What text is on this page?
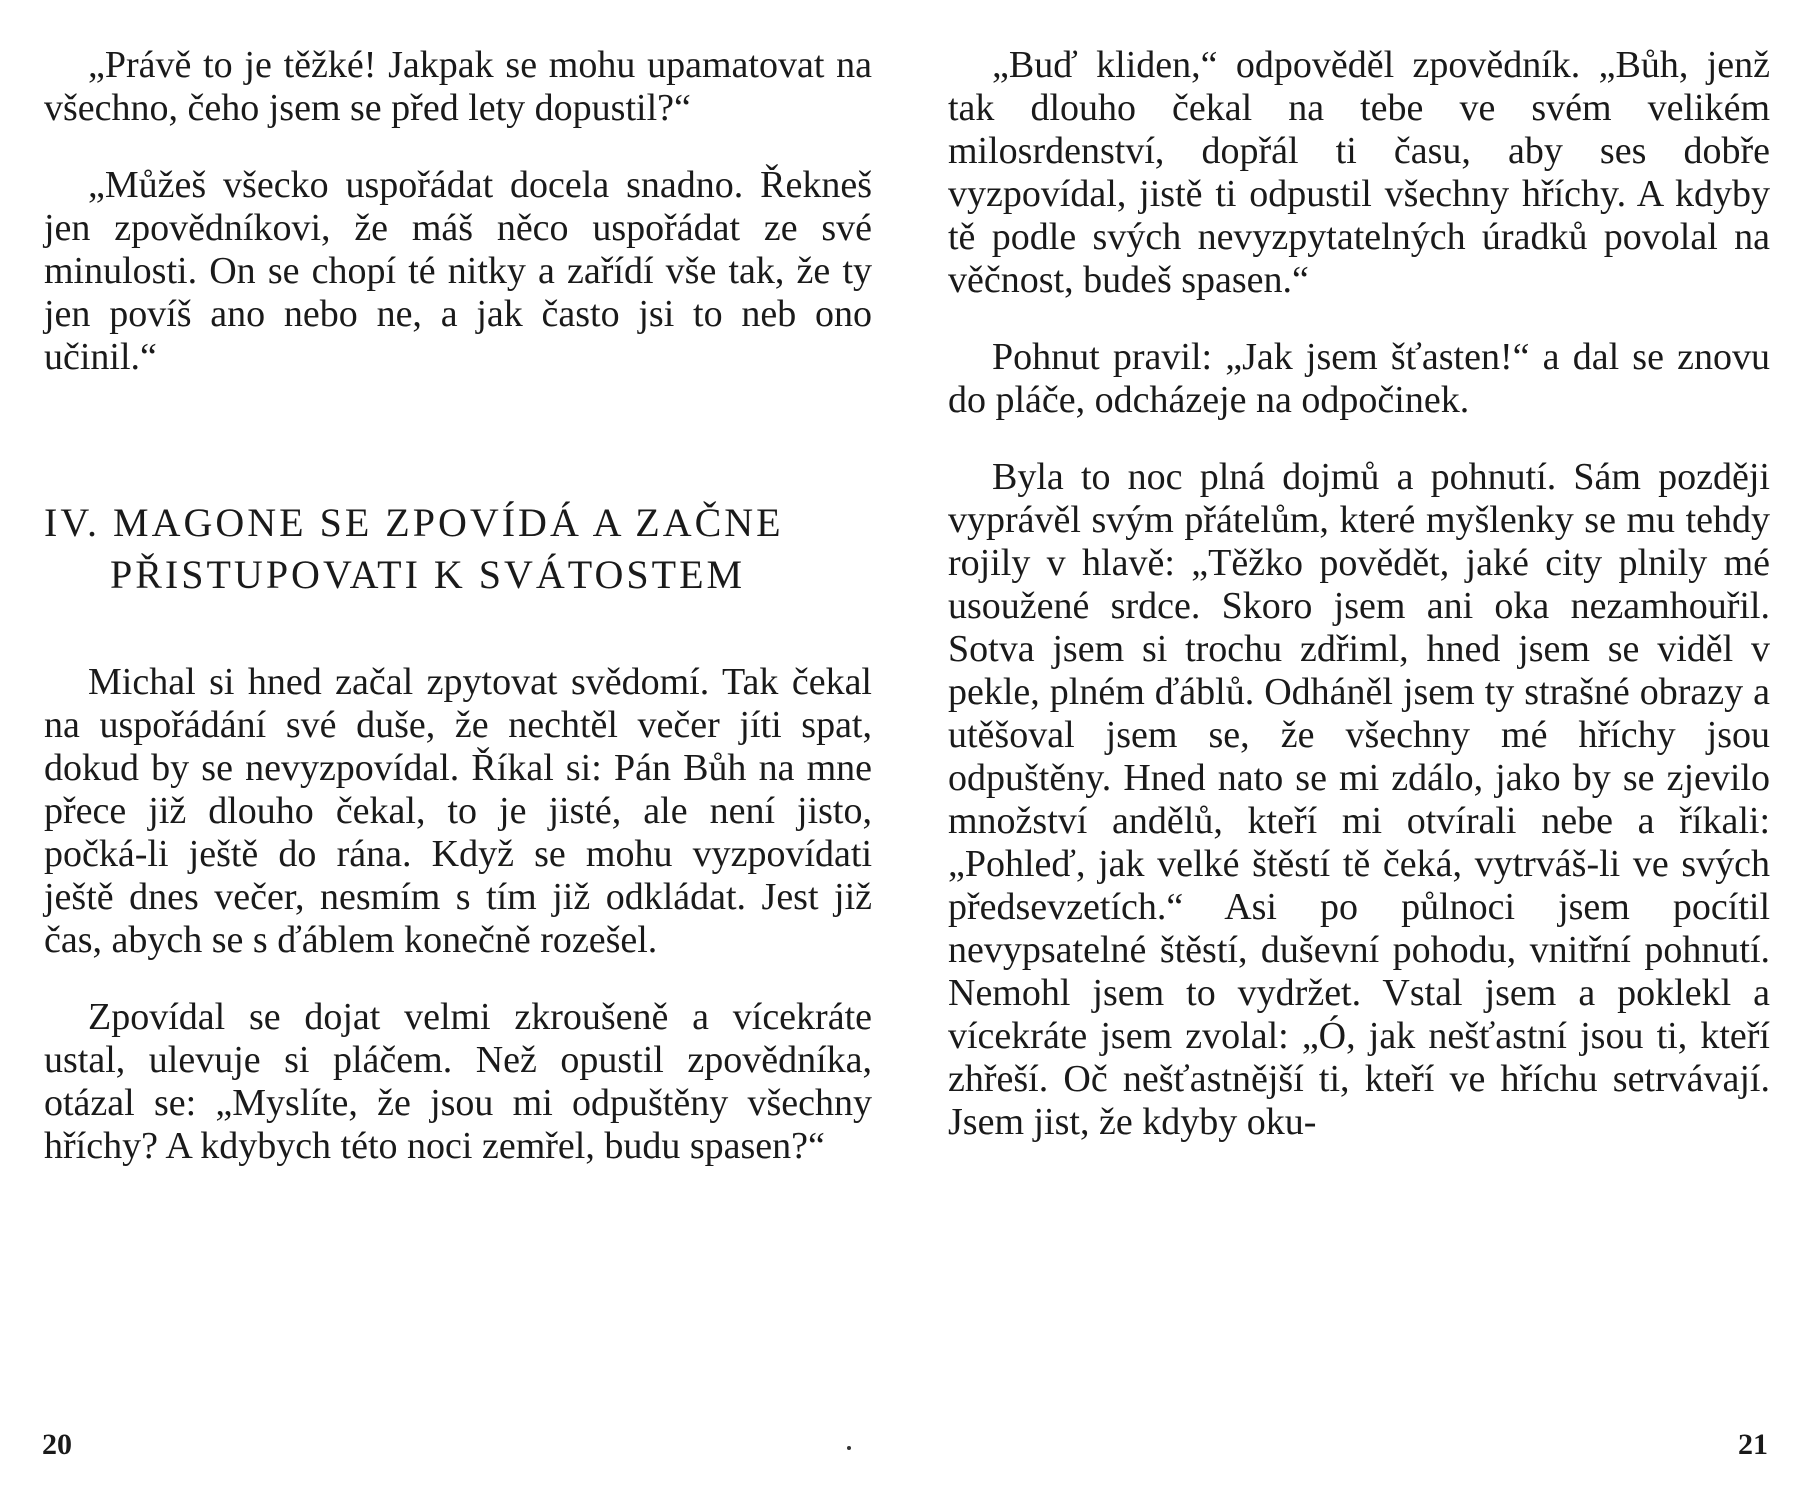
„Právě to je těžké! Jakpak se mohu upamatovat na všechno, čeho jsem se před lety dopustil?“

„Můžeš všecko uspořádat docela snadno. Řekneš jen zpovědníkovi, že máš něco uspořádat ze své minulosti. On se chopí té nitky a zařídí vše tak, že ty jen povíš ano nebo ne, a jak často jsi to neb ono učinil.“

IV. MAGONE SE ZPOVÍDÁ A ZAČNE
PŘISTUPOVATI K SVÁTOSTEM

Michal si hned začal zpytovat svědomí. Tak čekal na uspořádání své duše, že nechtěl večer jíti spat, dokud by se nevyzpovídal. Říkal si: Pán Bůh na mne přece již dlouho čekal, to je jisté, ale není jisto, počká-li ještě do rána. Když se mohu vyzpovídati ještě dnes večer, nesmím s tím již odkládat. Jest již čas, abych se s ďáblem konečně rozešel.

Zpovídal se dojat velmi zkroušeně a vícekráte ustal, ulevuje si pláčem. Než opustil zpovědníka, otázal se: „Myslíte, že jsou mi odpuštěny všechny hříchy? A kdybych této noci zemřel, budu spasen?“

20

„Buď kliden,“ odpověděl zpovědník. „Bůh, jenž tak dlouho čekal na tebe ve svém velikém milosrdenství, dopřál ti času, aby ses dobře vyzpovídal, jistě ti odpustil všechny hříchy. A kdyby tě podle svých nevyzpytatelných úradků povolal na věčnost, budeš spasen.“

Pohnut pravil: „Jak jsem šťasten!“ a dal se znovu do pláče, odcházeje na odpočinek.

Byla to noc plná dojmů a pohnutí. Sám později vyprávěl svým přátelům, které myšlenky se mu tehdy rojily v hlavě: „Těžko povědět, jaké city plnily mé usoužené srdce. Skoro jsem ani oka nezamhouřil. Sotva jsem si trochu zdřiml, hned jsem se viděl v pekle, plném ďáblů. Odháněl jsem ty strašné obrazy a utěšoval jsem se, že všechny mé hříchy jsou odpuštěny. Hned nato se mi zdálo, jako by se zjevilo množství andělů, kteří mi otvírali nebe a říkali: „Pohleď, jak velké štěstí tě čeká, vytrváš-li ve svých předsevzetích.“ Asi po půlnoci jsem pocítil nevypsatelné štěstí, duševní pohodu, vnitřní pohnutí. Nemohl jsem to vydržet. Vstal jsem a poklekl a vícekráte jsem zvolal: „Ó, jak nešťastní jsou ti, kteří zhřeší. Oč nešťastnější ti, kteří ve hříchu setrvávají. Jsem jist, že kdyby oku-

21
